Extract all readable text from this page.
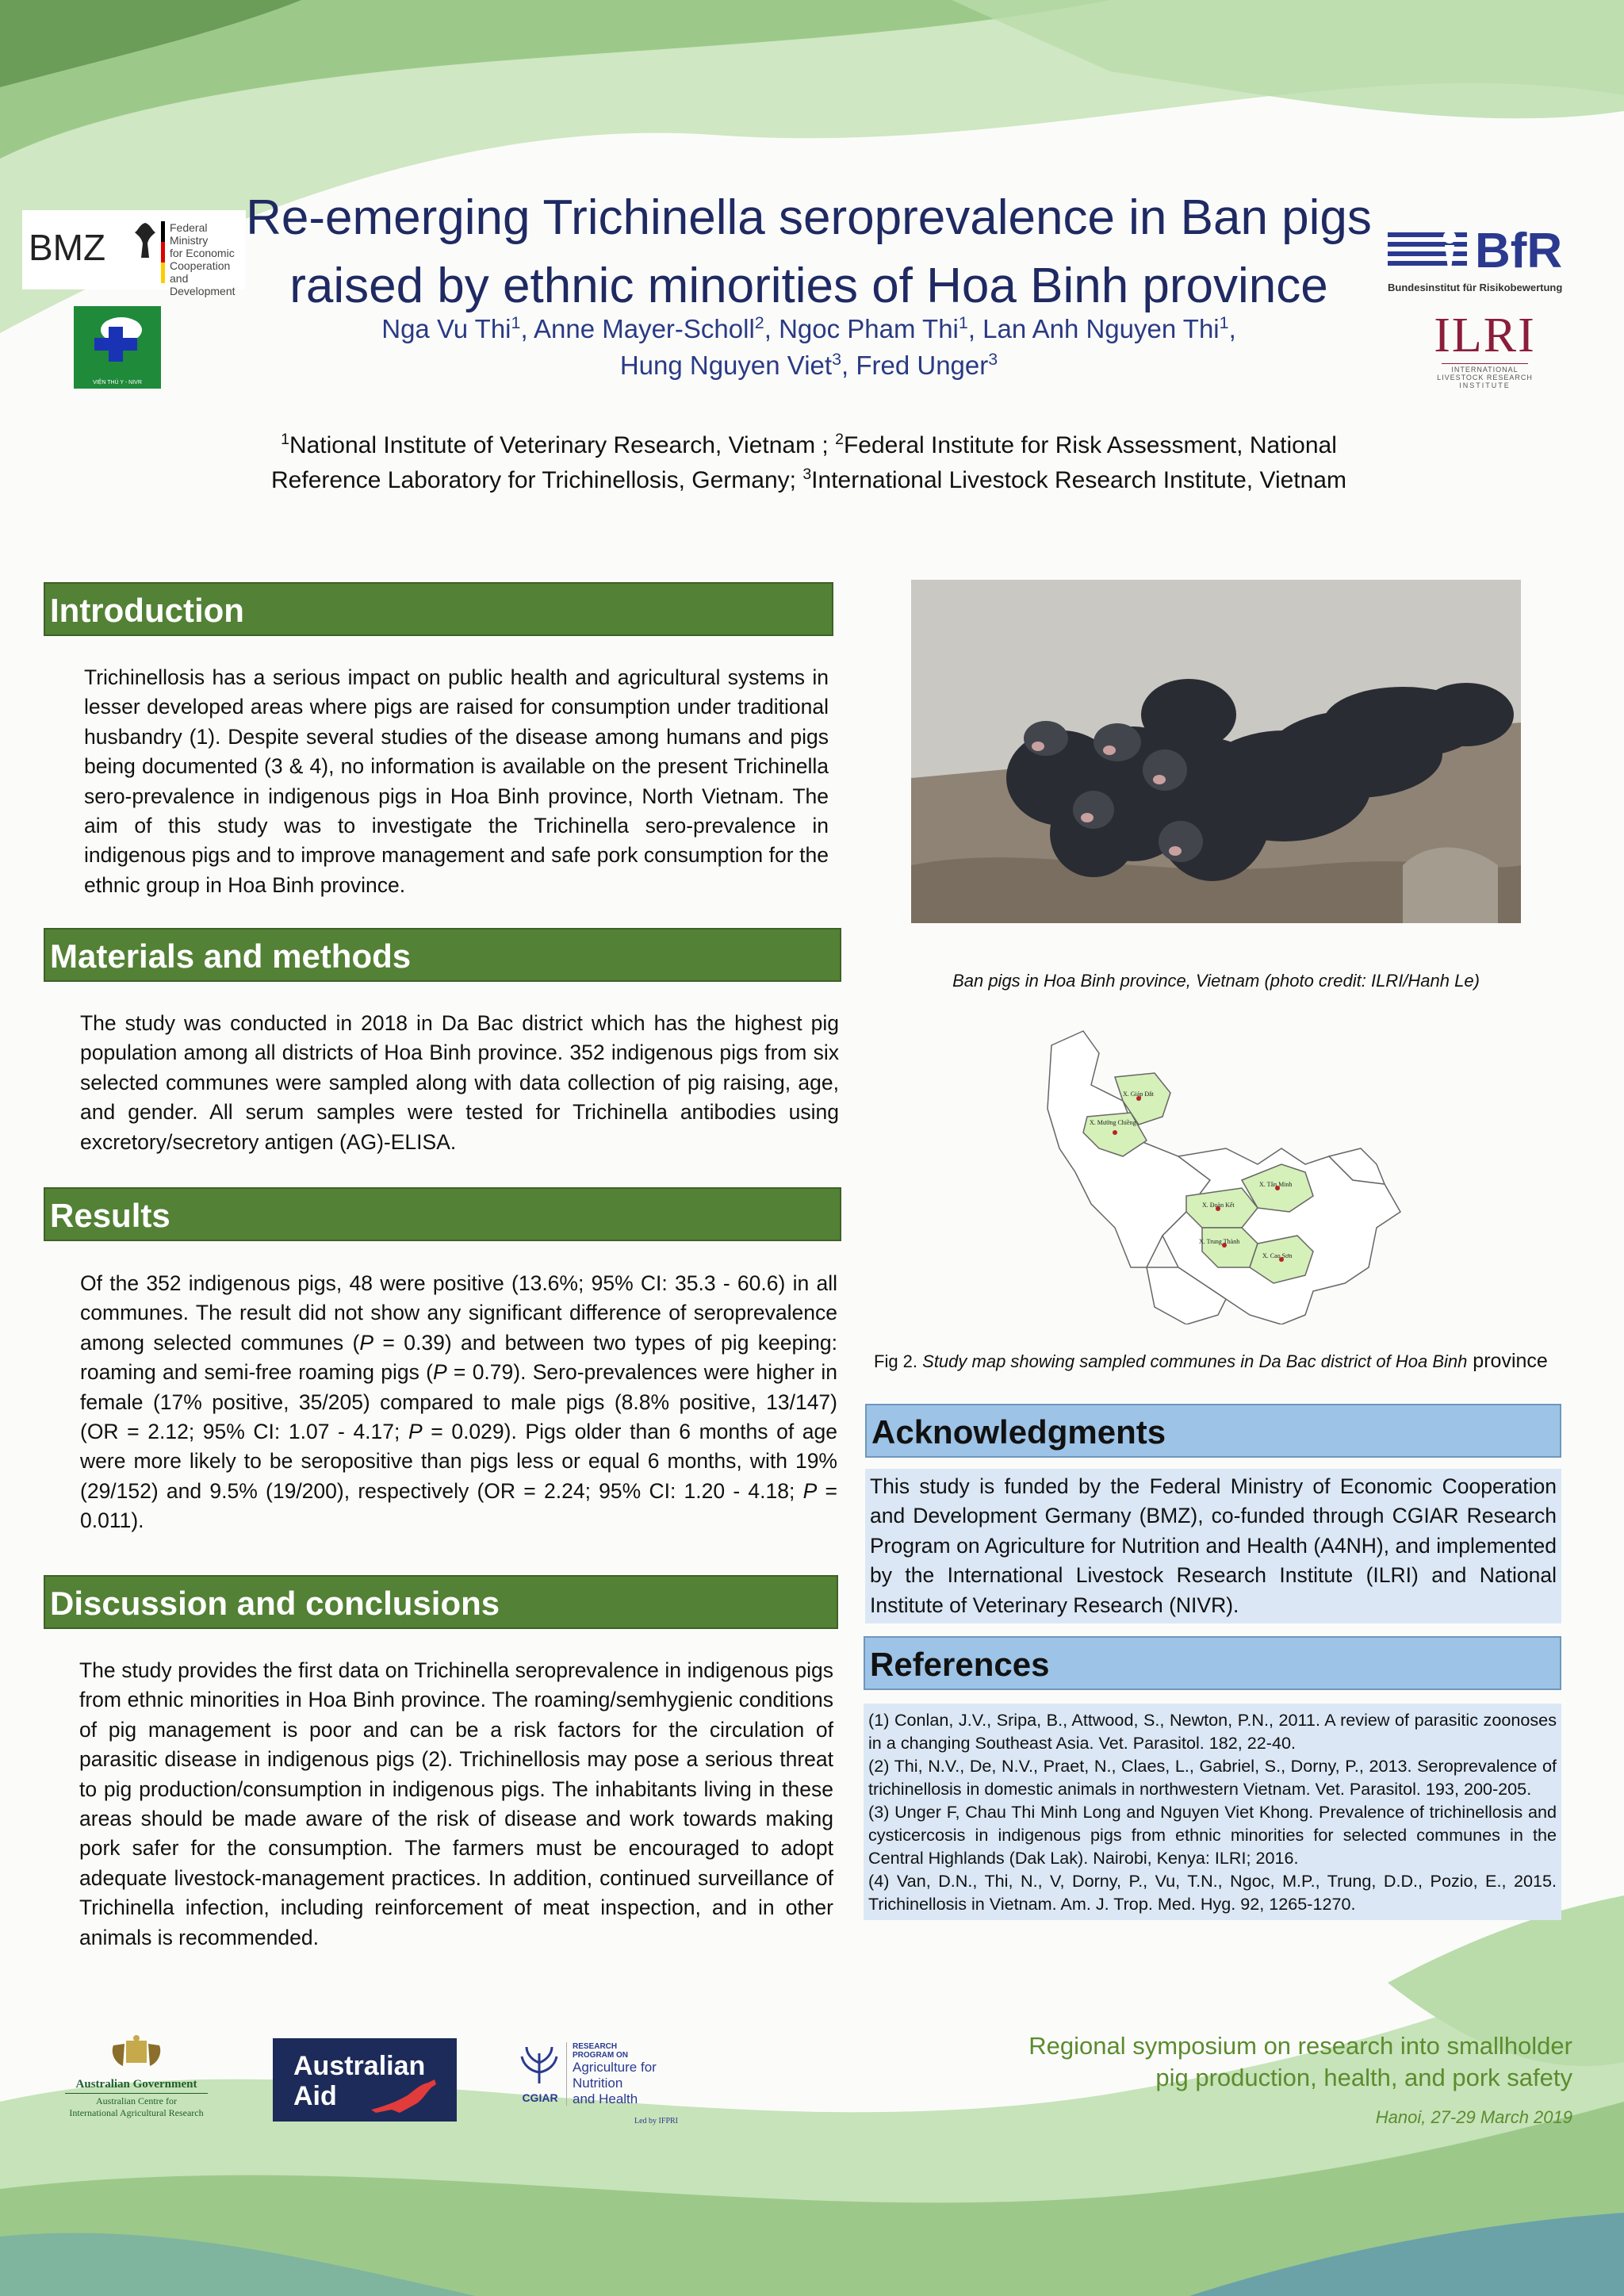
BMZ	Federal Ministry
for Economic Cooperation
and Development
VIỆN THÚ Y - NIVR
BfR
Bundesinstitut für Risikobewertung
ILRI
INTERNATIONAL
LIVESTOCK RESEARCH
INSTITUTE
Re-emerging Trichinella seroprevalence in Ban pigs
raised by ethnic minorities of Hoa Binh province
Nga Vu Thi$^1$, Anne Mayer-Scholl$^2$, Ngoc Pham Thi$^1$, Lan Anh Nguyen Thi$^1$,
Hung Nguyen Viet$^3$, Fred Unger$^3$
$^1$National Institute of Veterinary Research, Vietnam ; $^2$Federal Institute for Risk Assessment, National
Reference Laboratory for Trichinellosis, Germany; $^3$International Livestock Research Institute, Vietnam
Introduction
Trichinellosis has a serious impact on public health and agricultural systems in lesser developed areas where pigs are raised for consumption under traditional husbandry (1). Despite several studies of the disease among humans and pigs being documented (3 & 4), no information is available on the present Trichinella sero-prevalence in indigenous pigs in Hoa Binh province, North Vietnam. The aim of this study was to investigate the Trichinella sero-prevalence in indigenous pigs and to improve management and safe pork consumption for the ethnic group in Hoa Binh province.
Materials and methods
The study was conducted in 2018 in Da Bac district which has the highest pig population among all districts of Hoa Binh province. 352 indigenous pigs from six selected communes were sampled along with data collection of pig raising, age, and gender. All serum samples were tested for Trichinella antibodies using excretory/secretory antigen (AG)-ELISA.
Results
Of the 352 indigenous pigs, 48 were positive (13.6%; 95% CI: 35.3 - 60.6) in all communes. The result did not show any significant difference of seroprevalence among selected communes (P = 0.39) and between two types of pig keeping: roaming and semi-free roaming pigs (P = 0.79). Sero-prevalences were higher in female (17% positive, 35/205) compared to male pigs (8.8% positive, 13/147) (OR = 2.12; 95% CI: 1.07 - 4.17; P = 0.029). Pigs older than 6 months of age were more likely to be seropositive than pigs less or equal 6 months, with 19% (29/152) and 9.5% (19/200), respectively (OR = 2.24; 95% CI: 1.20 - 4.18; P = 0.011).
Discussion and conclusions
The study provides the first data on Trichinella seroprevalence in indigenous pigs from ethnic minorities in Hoa Binh province. The roaming/semhygienic conditions of pig management is poor and can be a risk factors for the circulation of parasitic disease in indigenous pigs (2). Trichinellosis may pose a serious threat to pig production/consumption in indigenous pigs. The inhabitants living in these areas should be made aware of the risk of disease and work towards making pork safer for the consumption. The farmers must be encouraged to adopt adequate livestock-management practices. In addition, continued surveillance of Trichinella infection, including reinforcement of meat inspection, and in other animals is recommended.
Ban pigs in Hoa Binh province, Vietnam (photo credit: ILRI/Hanh Le)
X. Giáp Đắt
X. Mường Chiềng
X. Tân Minh
X. Đoàn Kết
X. Trung Thành
X. Cao Sơn
Fig 2. Study map showing sampled communes in Da Bac district of Hoa Binh province
Acknowledgments
This study is funded by the Federal Ministry of Economic Cooperation and Development Germany (BMZ), co-funded through CGIAR Research Program on Agriculture for Nutrition and Health (A4NH), and implemented by the International Livestock Research Institute (ILRI) and National Institute of Veterinary Research (NIVR).
References
(1) Conlan, J.V., Sripa, B., Attwood, S., Newton, P.N., 2011. A review of parasitic zoonoses in a changing Southeast Asia. Vet. Parasitol. 182, 22-40.
(2) Thi, N.V., De, N.V., Praet, N., Claes, L., Gabriel, S., Dorny, P., 2013. Seroprevalence of trichinellosis in domestic animals in northwestern Vietnam. Vet. Parasitol. 193, 200-205.
(3) Unger F, Chau Thi Minh Long and Nguyen Viet Khong. Prevalence of trichinellosis and cysticercosis in indigenous pigs from ethnic minorities for selected communes in the Central Highlands (Dak Lak). Nairobi, Kenya: ILRI; 2016.
(4) Van, D.N., Thi, N., V, Dorny, P., Vu, T.N., Ngoc, M.P., Trung, D.D., Pozio, E., 2015. Trichinellosis in Vietnam. Am. J. Trop. Med. Hyg. 92, 1265-1270.
Australian Government
Australian Centre for
International Agricultural Research
Australian
Aid	CGIAR
RESEARCH
PROGRAM ON
Agriculture for
Nutrition
and Health
Led by IFPRI
Regional symposium on research into smallholder
pig production, health, and pork safety
Hanoi, 27-29 March 2019
